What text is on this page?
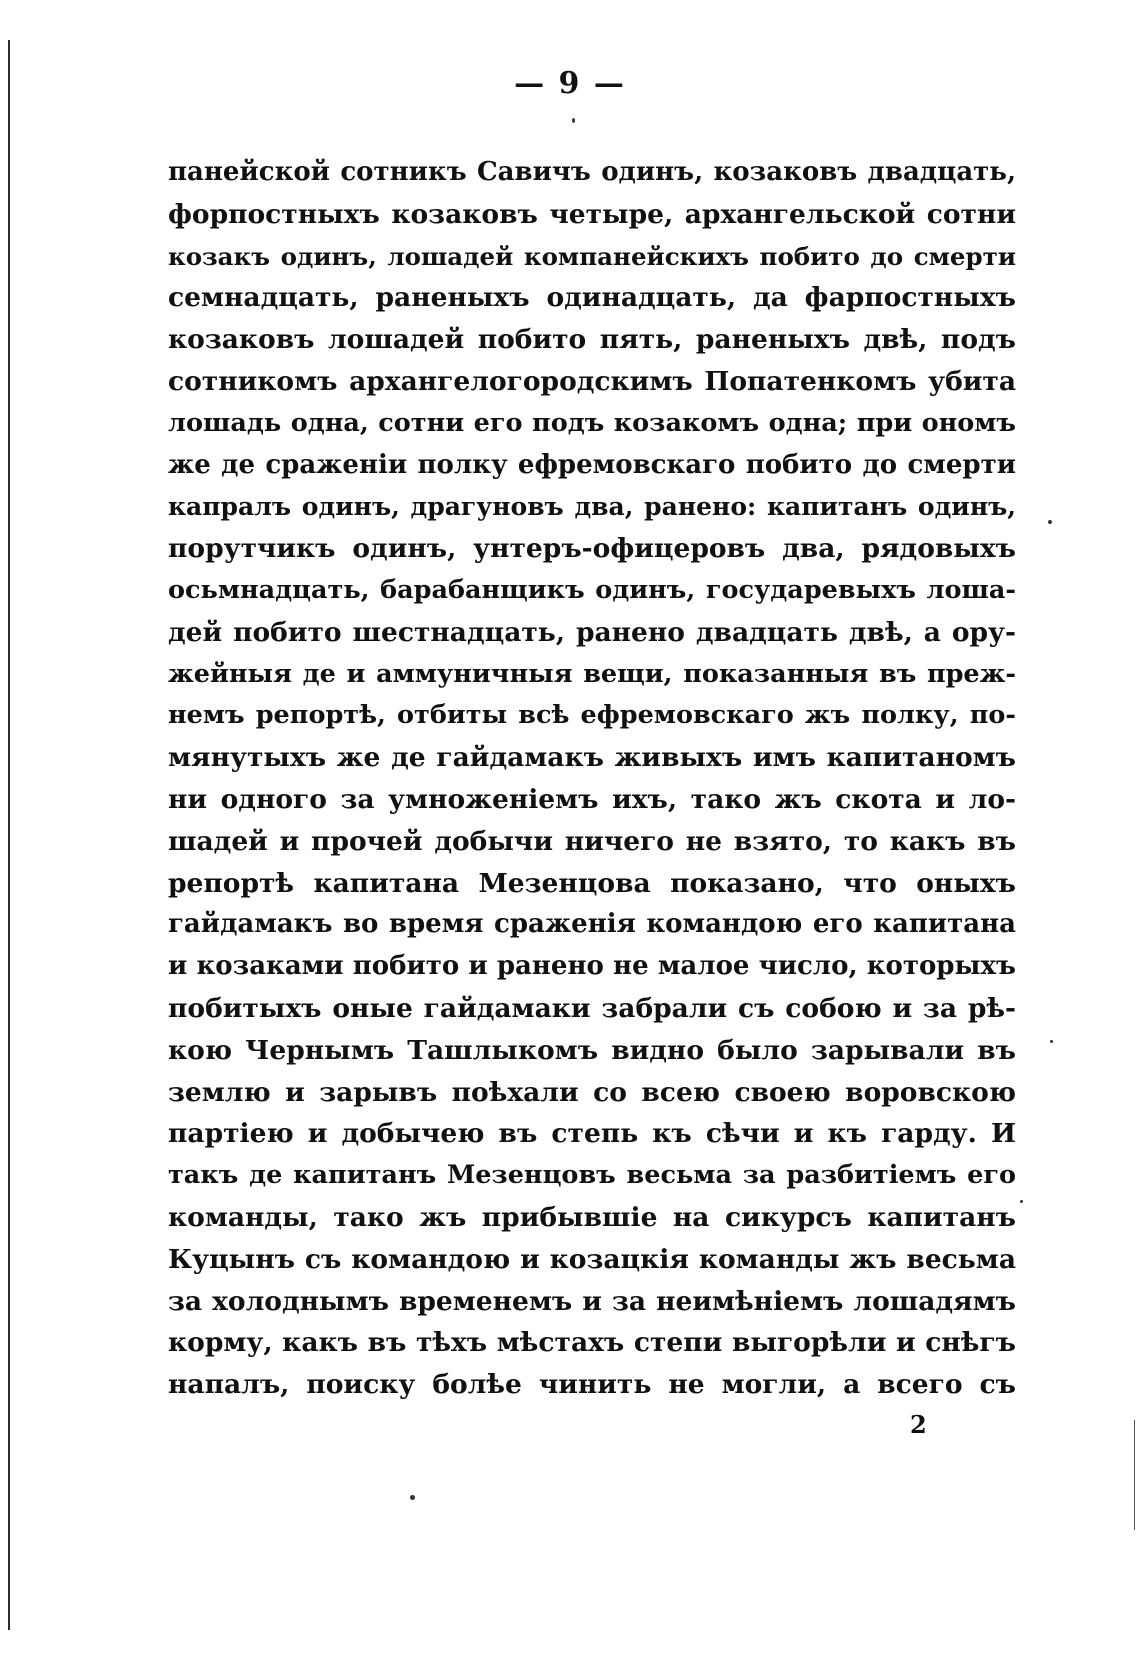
— 9 —
панейской сотникъ Савичъ одинъ, козаковъ двадцать,
форпостныхъ козаковъ четыре, архангельской сотни
козакъ одинъ, лошадей компанейскихъ побито до смерти
семнадцать, раненыхъ одинадцать, да фарпостныхъ
козаковъ лошадей побито пять, раненыхъ двѣ, подъ
сотникомъ архангелогородскимъ Попатенкомъ убита
лошадь одна, сотни его подъ козакомъ одна; при ономъ
же де сраженіи полку ефремовскаго побито до смерти
капралъ одинъ, драгуновъ два, ранено: капитанъ одинъ,
порутчикъ одинъ, унтеръ-офицеровъ два, рядовыхъ
осьмнадцать, барабанщикъ одинъ, государевыхъ лоша-
дей побито шестнадцать, ранено двадцать двѣ, а ору-
жейныя де и аммуничныя вещи, показанныя въ преж-
немъ репортѣ, отбиты всѣ ефремовскаго жъ полку, по-
мянутыхъ же де гайдамакъ живыхъ имъ капитаномъ
ни одного за умноженіемъ ихъ, тако жъ скота и ло-
шадей и прочей добычи ничего не взято, то какъ въ
репортѣ капитана Мезенцова показано, что оныхъ
гайдамакъ во время сраженія командою его капитана
и козаками побито и ранено не малое число, которыхъ
побитыхъ оные гайдамаки забрали съ собою и за рѣ-
кою Чернымъ Ташлыкомъ видно было зарывали въ
землю и зарывъ поѣхали со всею своею воровскою
партіею и добычею въ степь къ сѣчи и къ гарду. И
такъ де капитанъ Мезенцовъ весьма за разбитіемъ его
команды, тако жъ прибывшіе на сикурсъ капитанъ
Куцынъ съ командою и козацкія команды жъ весьма
за холоднымъ временемъ и за неимѣніемъ лошадямъ
корму, какъ въ тѣхъ мѣстахъ степи выгорѣли и снѣгъ
напалъ, поиску болѣе чинить не могли, а всего съ
2
